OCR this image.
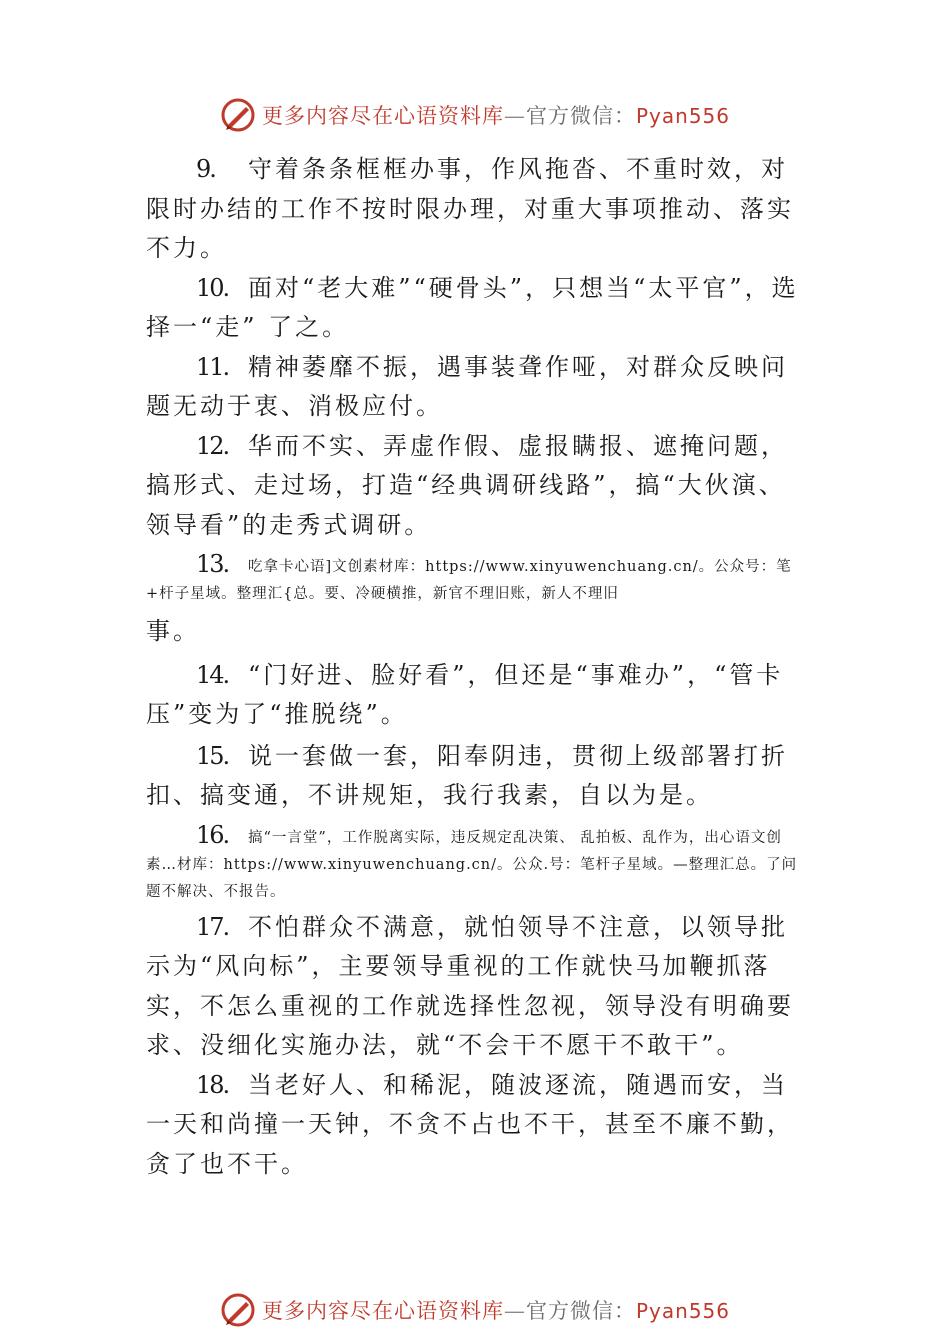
更多内容尽在心语资料库—官方微信：Pyan556

9. 守着条条框框办事，作风拖沓、不重时效，对限时办结的工作不按时限办理，对重大事项推动、落实不力。

10. 面对“老大难”“硬骨头”，只想当“太平官”，选择一“走” 了之。

11. 精神萎靡不振，遇事装聋作哑，对群众反映问题无动于衷、消极应付。

12. 华而不实、弄虚作假、虚报瞒报、遮掩问题，搞形式、走过场，打造“经典调研线路”，搞“大伙演、领导看”的走秀式调研。

13. 吃拿卡心语]文创素材库：https://www.xinyuwenchuang.cn/。公众号：笔+杆子星域。整理汇{总。要、冷硬横推，新官不理旧账，新人不理旧

事。

14. “门好进、脸好看”，但还是“事难办”，“管卡压”变为了“推脱绕”。

15. 说一套做一套，阳奉阴违，贯彻上级部署打折扣、搞变通，不讲规矩，我行我素，自以为是。

16. 搞“一言堂”，工作脱离实际，违反规定乱决策、 乱拍板、乱作为，出心语文创素…材库：https://www.xinyuwenchuang.cn/。公众.号：笔杆子星域。—整理汇总。了问题不解决、不报告。

17. 不怕群众不满意，就怕领导不注意，以领导批示为“风向标”，主要领导重视的工作就快马加鞭抓落实，不怎么重视的工作就选择性忽视，领导没有明确要求、没细化实施办法，就“不会干不愿干不敢干”。

18. 当老好人、和稀泥，随波逐流，随遇而安，当一天和尚撞一天钟，不贪不占也不干，甚至不廉不勤，贪了也不干。

更多内容尽在心语资料库—官方微信：Pyan556
